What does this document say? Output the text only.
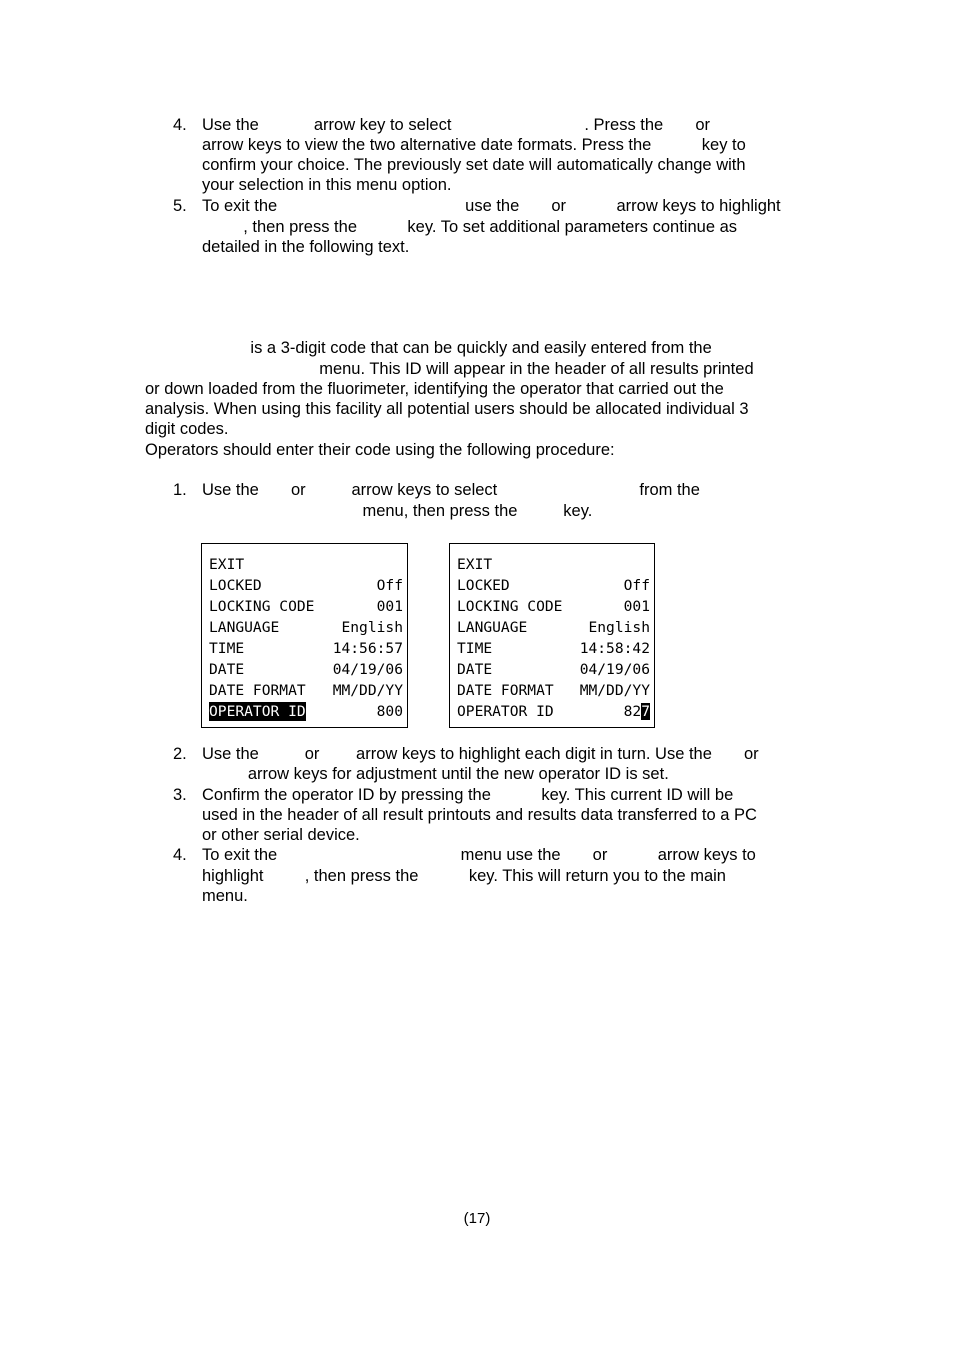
4. Use the            arrow key to select                             . Press the       or
arrow keys to view the two alternative date formats. Press the           key to
confirm your choice. The previously set date will automatically change with
your selection in this menu option.
5. To exit the                                         use the       or           arrow keys to highlight
, then press the           key. To set additional parameters continue as
detailed in the following text.
is a 3-digit code that can be quickly and easily entered from the
menu. This ID will appear in the header of all results printed
or down loaded from the fluorimeter, identifying the operator that carried out the
analysis. When using this facility all potential users should be allocated individual 3
digit codes.
Operators should enter their code using the following procedure:
1. Use the       or          arrow keys to select                               from the
menu, then press the          key.
EXIT
LOCKED	Off
LOCKING CODE	001
LANGUAGE	English
TIME	14:56:57
DATE	04/19/06
DATE FORMAT MM/DD/YY
OPERATOR ID	800
EXIT
LOCKED	Off
LOCKING CODE	001
LANGUAGE	English
TIME	14:58:42
DATE	04/19/06
DATE FORMAT MM/DD/YY
OPERATOR ID	827
2. Use the          or        arrow keys to highlight each digit in turn. Use the       or
arrow keys for adjustment until the new operator ID is set.
3. Confirm the operator ID by pressing the           key. This current ID will be
used in the header of all result printouts and results data transferred to a PC
or other serial device.
4. To exit the                                        menu use the       or           arrow keys to
highlight         , then press the           key. This will return you to the main
menu.
(17)
